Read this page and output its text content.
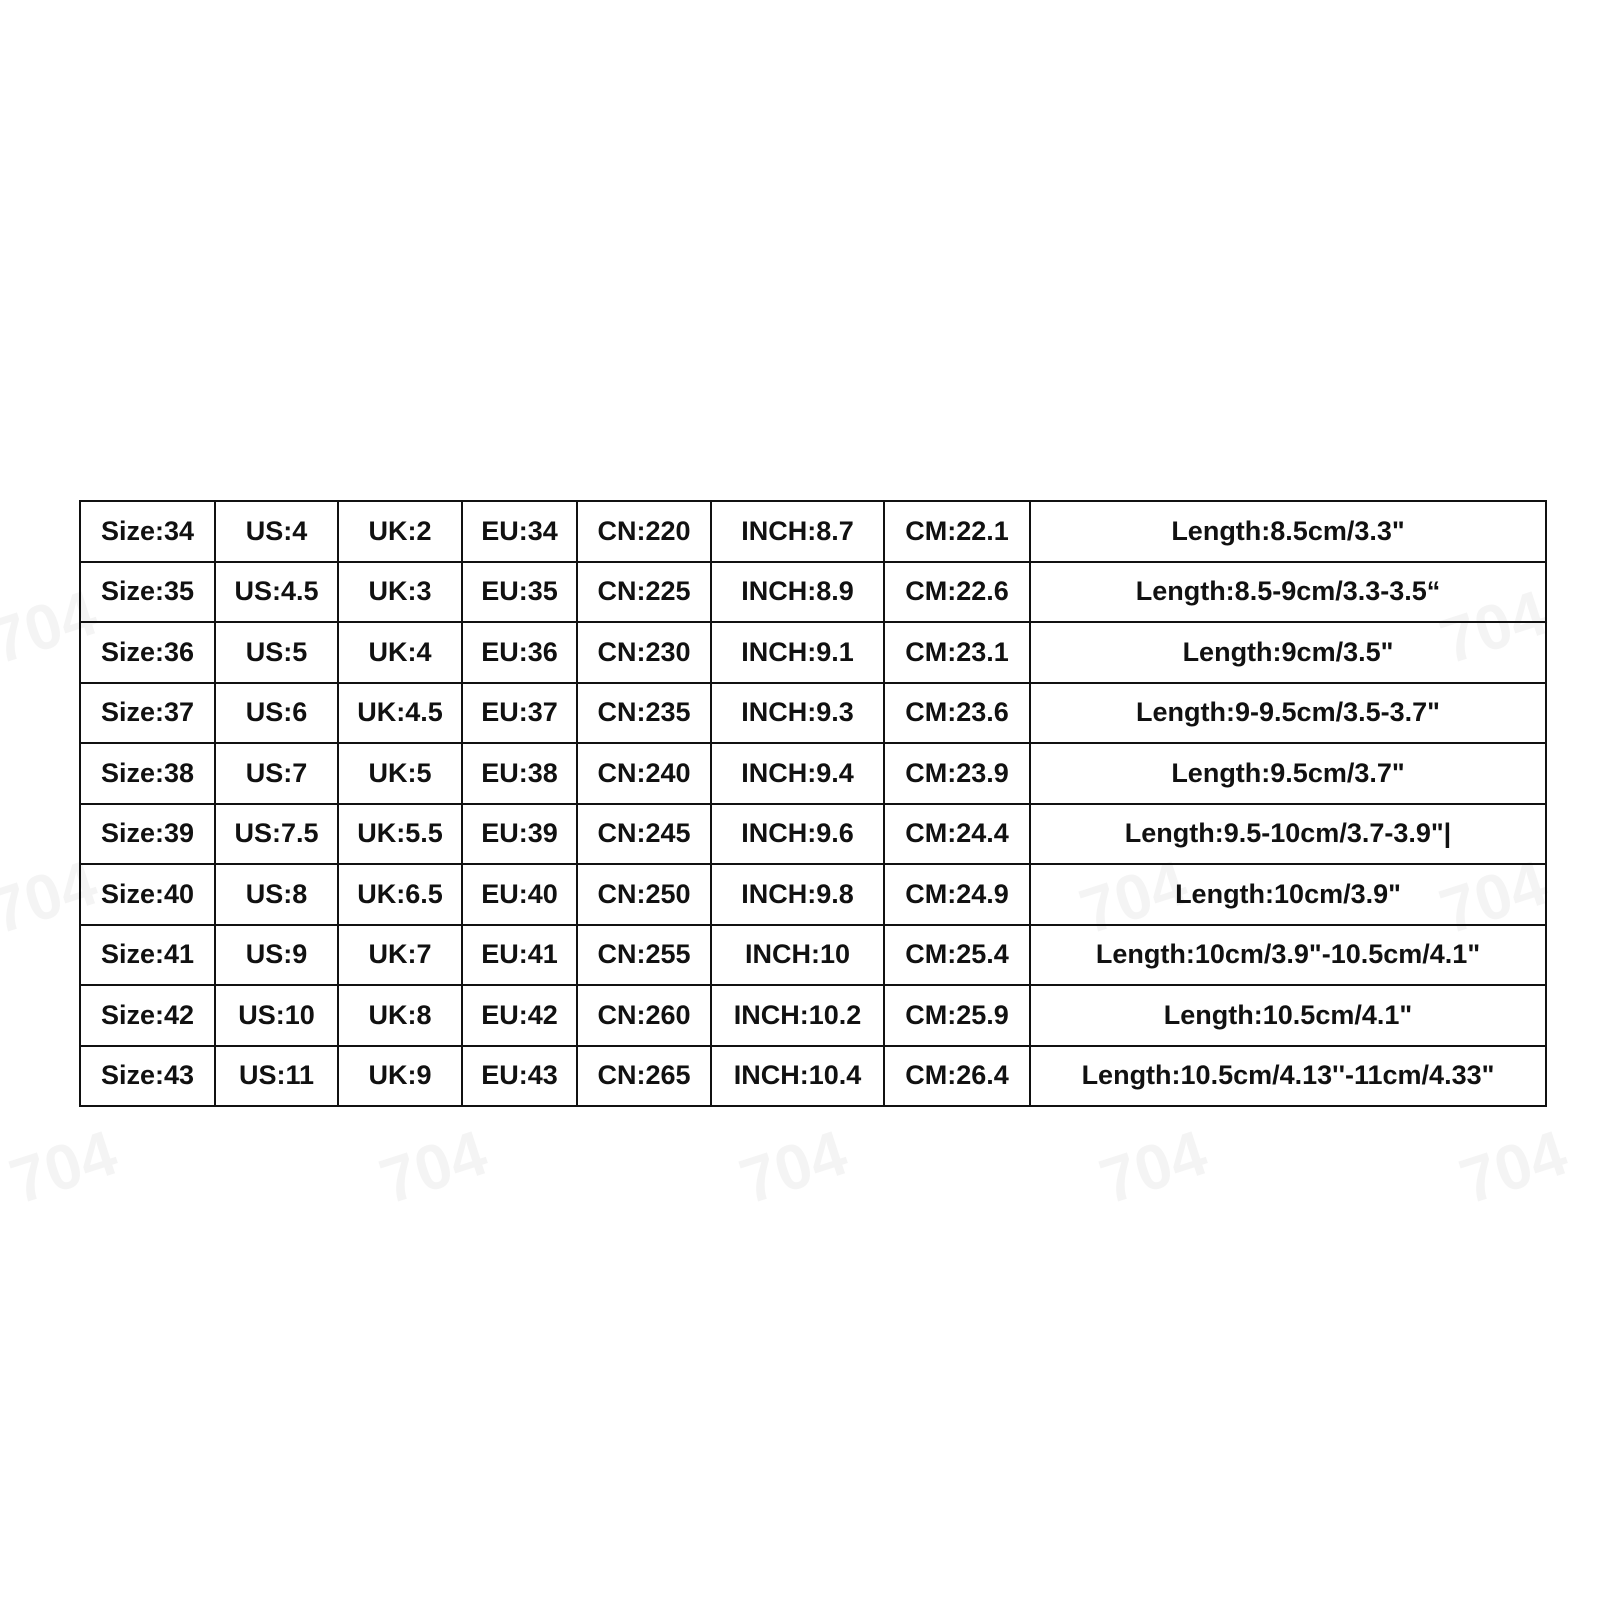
Size:34	US:4	UK:2	EU:34	CN:220	INCH:8.7	CM:22.1	Length:8.5cm/3.3"
Size:35	US:4.5	UK:3	EU:35	CN:225	INCH:8.9	CM:22.6	Length:8.5-9cm/3.3-3.5“
Size:36	US:5	UK:4	EU:36	CN:230	INCH:9.1	CM:23.1	Length:9cm/3.5"
Size:37	US:6	UK:4.5	EU:37	CN:235	INCH:9.3	CM:23.6	Length:9-9.5cm/3.5-3.7"
Size:38	US:7	UK:5	EU:38	CN:240	INCH:9.4	CM:23.9	Length:9.5cm/3.7"
Size:39	US:7.5	UK:5.5	EU:39	CN:245	INCH:9.6	CM:24.4	Length:9.5-10cm/3.7-3.9"|
Size:40	US:8	UK:6.5	EU:40	CN:250	INCH:9.8	CM:24.9	Length:10cm/3.9"
Size:41	US:9	UK:7	EU:41	CN:255	INCH:10	CM:25.4	Length:10cm/3.9"-10.5cm/4.1"
Size:42	US:10	UK:8	EU:42	CN:260	INCH:10.2	CM:25.9	Length:10.5cm/4.1"
Size:43	US:11	UK:9	EU:43	CN:265	INCH:10.4	CM:26.4	Length:10.5cm/4.13''-11cm/4.33"
